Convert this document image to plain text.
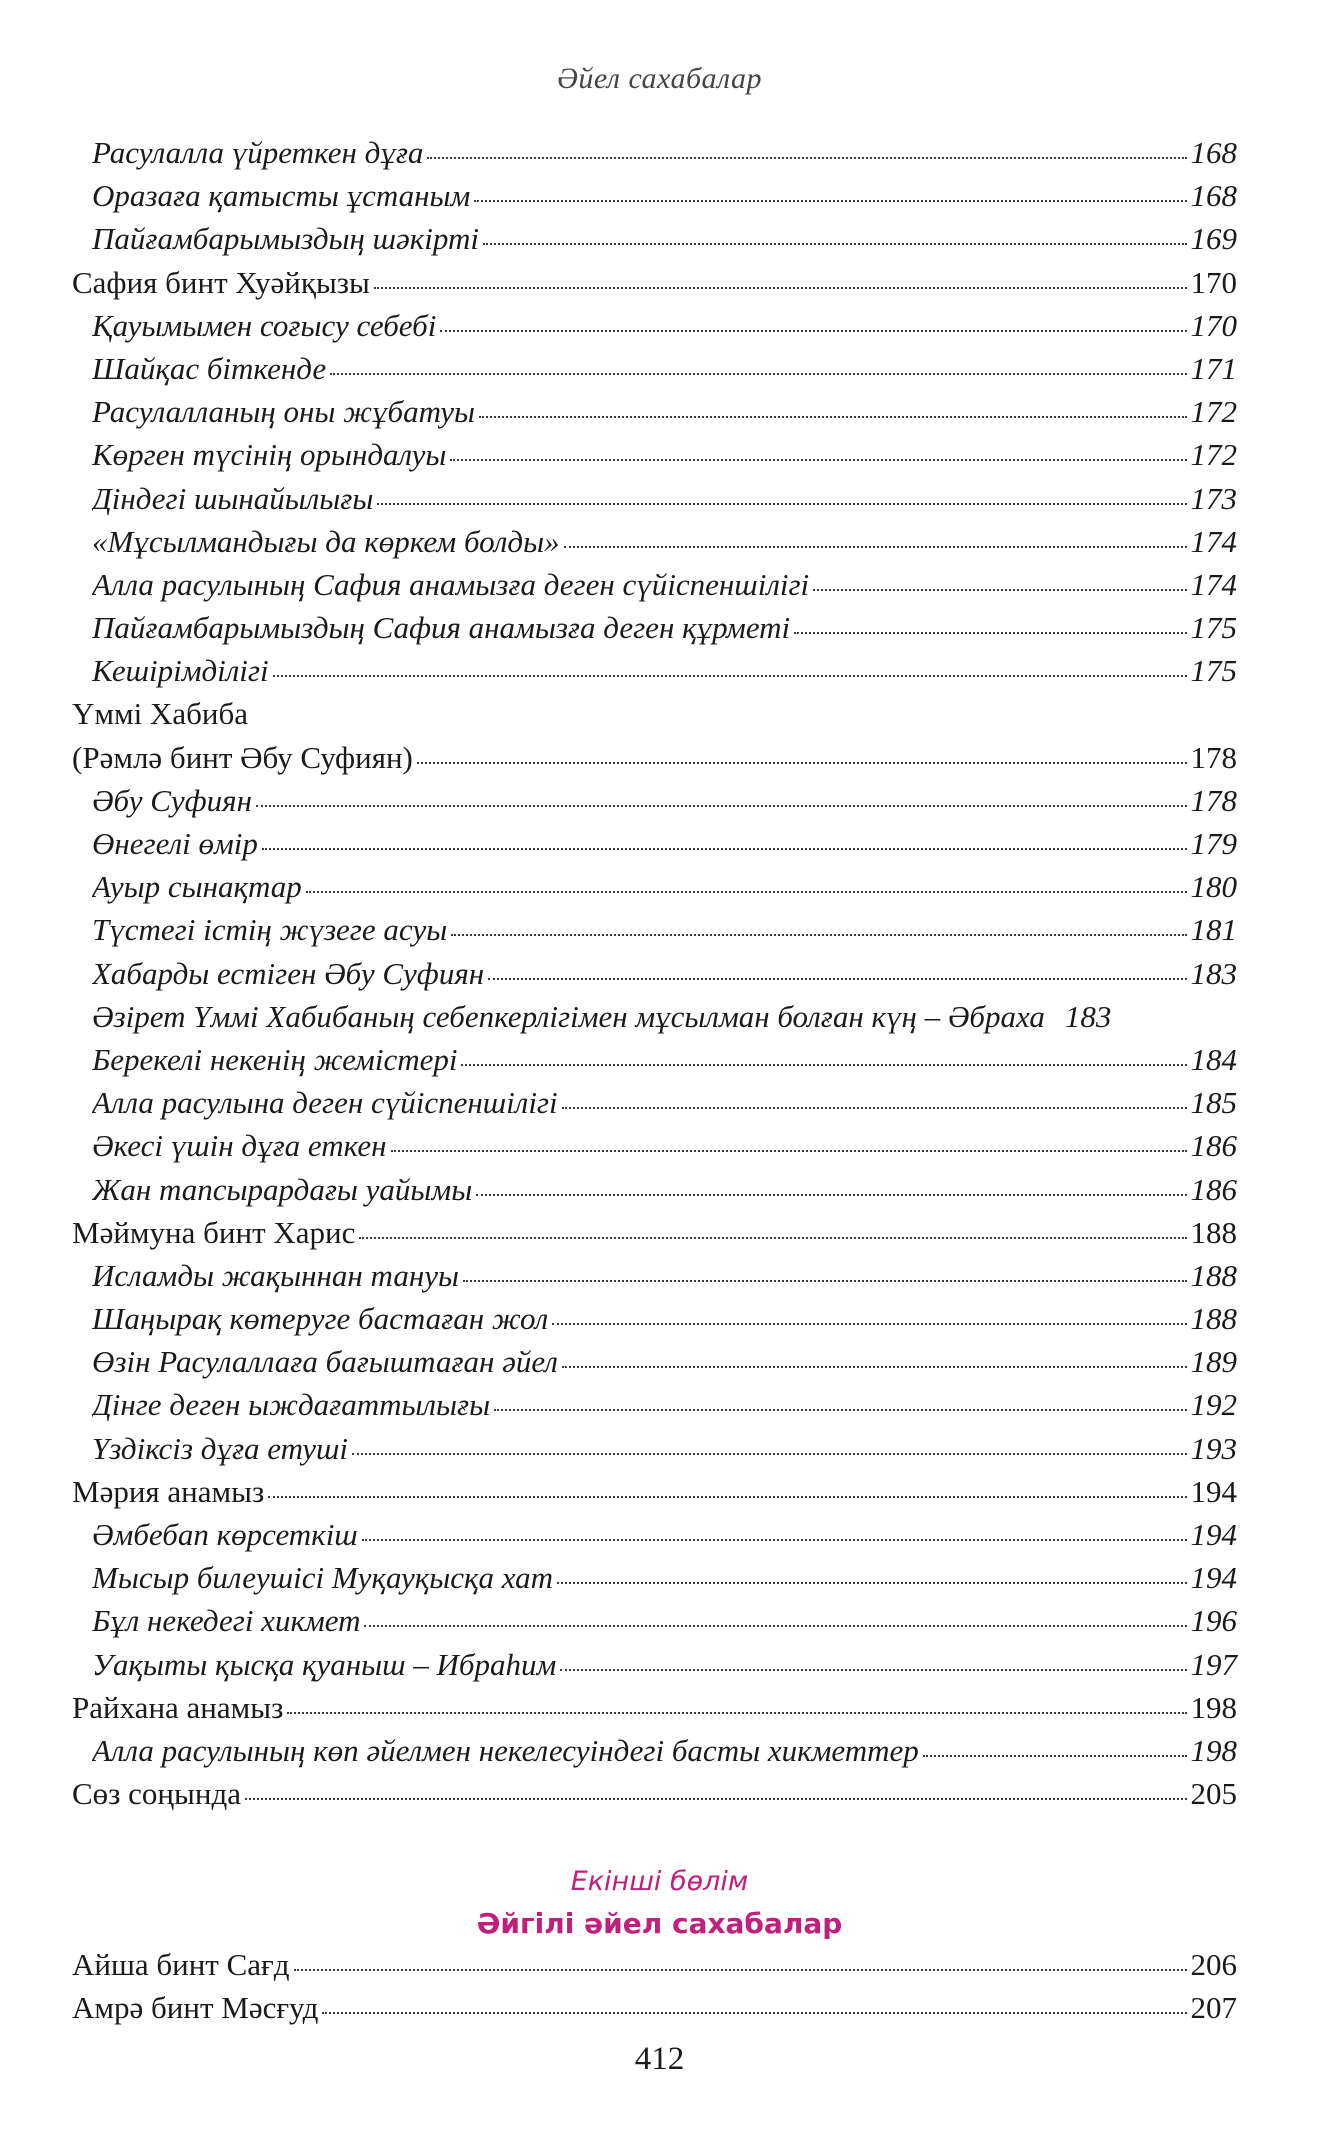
Әйел сахабалар
Расулалла үйреткен дұға	168
Оразаға қатысты ұстаным	168
Пайғамбарымыздың шәкірті	169
Сафия бинт Хуәйқызы	170
Қауымымен соғысу себебі	170
Шайқас біткенде	171
Расулалланың оны жұбатуы	172
Көрген түсінің орындалуы	172
Діндегі шынайылығы	173
«Мұсылмандығы да көркем болды»	174
Алла расулының Сафия анамызға деген сүйіспеншілігі	174
Пайғамбарымыздың Сафия анамызға деген құрметі	175
Кешірімділігі	175
Үммі Хабиба
(Рәмлә бинт Әбу Суфиян)	178
Әбу Суфиян	178
Өнегелі өмір	179
Ауыр сынақтар	180
Түстегі істің жүзеге асуы	181
Хабарды естіген Әбу Суфиян	183
Әзірет Үммі Хабибаның себепкерлігімен мұсылман болған күң – Әбраха 183
Берекелі некенің жемістері	184
Алла расулына деген сүйіспеншілігі	185
Әкесі үшін дұға еткен	186
Жан тапсырардағы уайымы	186
Мәймуна бинт Харис	188
Исламды жақыннан тануы	188
Шаңырақ көтеруге бастаған жол	188
Өзін Расулаллаға бағыштаған әйел	189
Дінге деген ыждағаттылығы	192
Үздіксіз дұға етуші	193
Мәрия анамыз	194
Әмбебап көрсеткіш	194
Мысыр билеушісі Муқауқысқа хат	194
Бұл некедегі хикмет	196
Уақыты қысқа қуаныш – Ибраһим	197
Райхана анамыз	198
Алла расулының көп әйелмен некелесуіндегі басты хикметтер	198
Сөз соңында	205
Екінші бөлім
Әйгілі әйел сахабалар
Айша бинт Сағд	206
Амрә бинт Мәсғуд	207
412
